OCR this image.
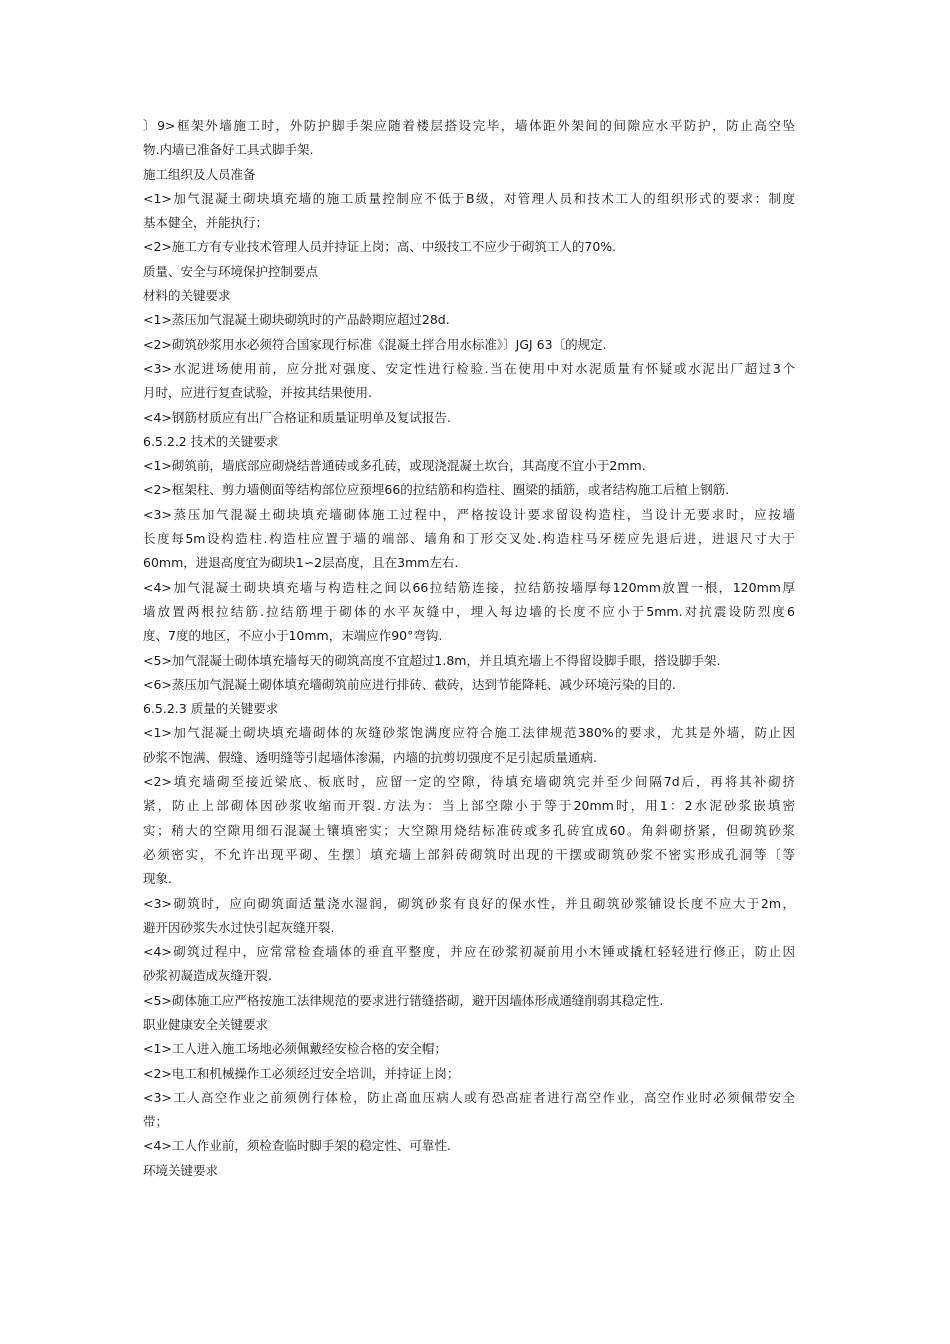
〕9>框架外墙施工时，外防护脚手架应随着楼层搭设完毕，墙体距外架间的间隙应水平防护，防止高空坠
物.内墙已准备好工具式脚手架.
施工组织及人员准备
<1>加气混凝土砌块填充墙的施工质量控制应不低于B级，对管理人员和技术工人的组织形式的要求：制度
基本健全，并能执行；
<2>施工方有专业技术管理人员并持证上岗；高、中级技工不应少于砌筑工人的70%.
质量、安全与环境保护控制要点
材料的关键要求
<1>蒸压加气混凝土砌块砌筑时的产品龄期应超过28d.
<2>砌筑砂浆用水必须符合国家现行标准《混凝土拌合用水标准》〕JGJ 63〔的规定.
<3>水泥进场使用前，应分批对强度、安定性进行检验.当在使用中对水泥质量有怀疑或水泥出厂超过3个
月时，应进行复查试验，并按其结果使用.
<4>钢筋材质应有出厂合格证和质量证明单及复试报告.
6.5.2.2 技术的关键要求
<1>砌筑前，墙底部应砌烧结普通砖或多孔砖，或现浇混凝土坎台，其高度不宜小于2mm.
<2>框架柱、剪力墙侧面等结构部位应预埋66的拉结筋和构造柱、圈梁的插筋，或者结构施工后植上钢筋.
<3>蒸压加气混凝土砌块填充墙砌体施工过程中，严格按设计要求留设构造柱，当设计无要求时，应按墙
长度每5m设构造柱.构造柱应置于墙的端部、墙角和丁形交叉处.构造柱马牙槎应先退后进，进退尺寸大于
60mm，进退高度宜为砌块1∽2层高度，且在3mm左右.
<4>加气混凝土砌块填充墙与构造柱之间以66拉结筋连接，拉结筋按墙厚每120mm放置一根，120mm厚
墙放置两根拉结筋.拉结筋埋于砌体的水平灰缝中，埋入每边墙的长度不应小于5mm.对抗震设防烈度6
度、7度的地区，不应小于10mm，末端应作90°弯钩.
<5>加气混凝土砌体填充墙每天的砌筑高度不宜超过1.8m，并且填充墙上不得留设脚手眼，搭设脚手架.
<6>蒸压加气混凝土砌体填充墙砌筑前应进行排砖、截砖，达到节能降耗、减少环境污染的目的.
6.5.2.3 质量的关键要求
<1>加气混凝土砌块填充墙砌体的灰缝砂浆饱满度应符合施工法律规范380%的要求，尤其是外墙，防止因
砂浆不饱满、假缝、透明缝等引起墙体渗漏，内墙的抗剪切强度不足引起质量通病.
<2>填充墙砌至接近梁底、板底时，应留一定的空隙，待填充墙砌筑完并至少间隔7d后，再将其补砌挤
紧，防止上部砌体因砂浆收缩而开裂.方法为：当上部空隙小于等于20mm时，用1：2水泥砂浆嵌填密
实；稍大的空隙用细石混凝土镶填密实；大空隙用烧结标准砖或多孔砖宜成60。角斜砌挤紧，但砌筑砂浆
必须密实，不允许出现平砌、生摆〕填充墙上部斜砖砌筑时出现的干摆或砌筑砂浆不密实形成孔洞等〔等
现象.
<3>砌筑时，应向砌筑面适量浇水湿润，砌筑砂浆有良好的保水性，并且砌筑砂浆铺设长度不应大于2m，
避开因砂浆失水过快引起灰缝开裂.
<4>砌筑过程中，应常常检查墙体的垂直平整度，并应在砂浆初凝前用小木锤或撬杠轻轻进行修正，防止因
砂浆初凝造成灰缝开裂.
<5>砌体施工应严格按施工法律规范的要求进行错缝搭砌，避开因墙体形成通缝削弱其稳定性.
职业健康安全关键要求
<1>工人进入施工场地必须佩戴经安检合格的安全帽；
<2>电工和机械操作工必须经过安全培训，并持证上岗；
<3>工人高空作业之前须例行体检，防止高血压病人或有恐高症者进行高空作业，高空作业时必须佩带安全
带；
<4>工人作业前，须检查临时脚手架的稳定性、可靠性.
环境关键要求
